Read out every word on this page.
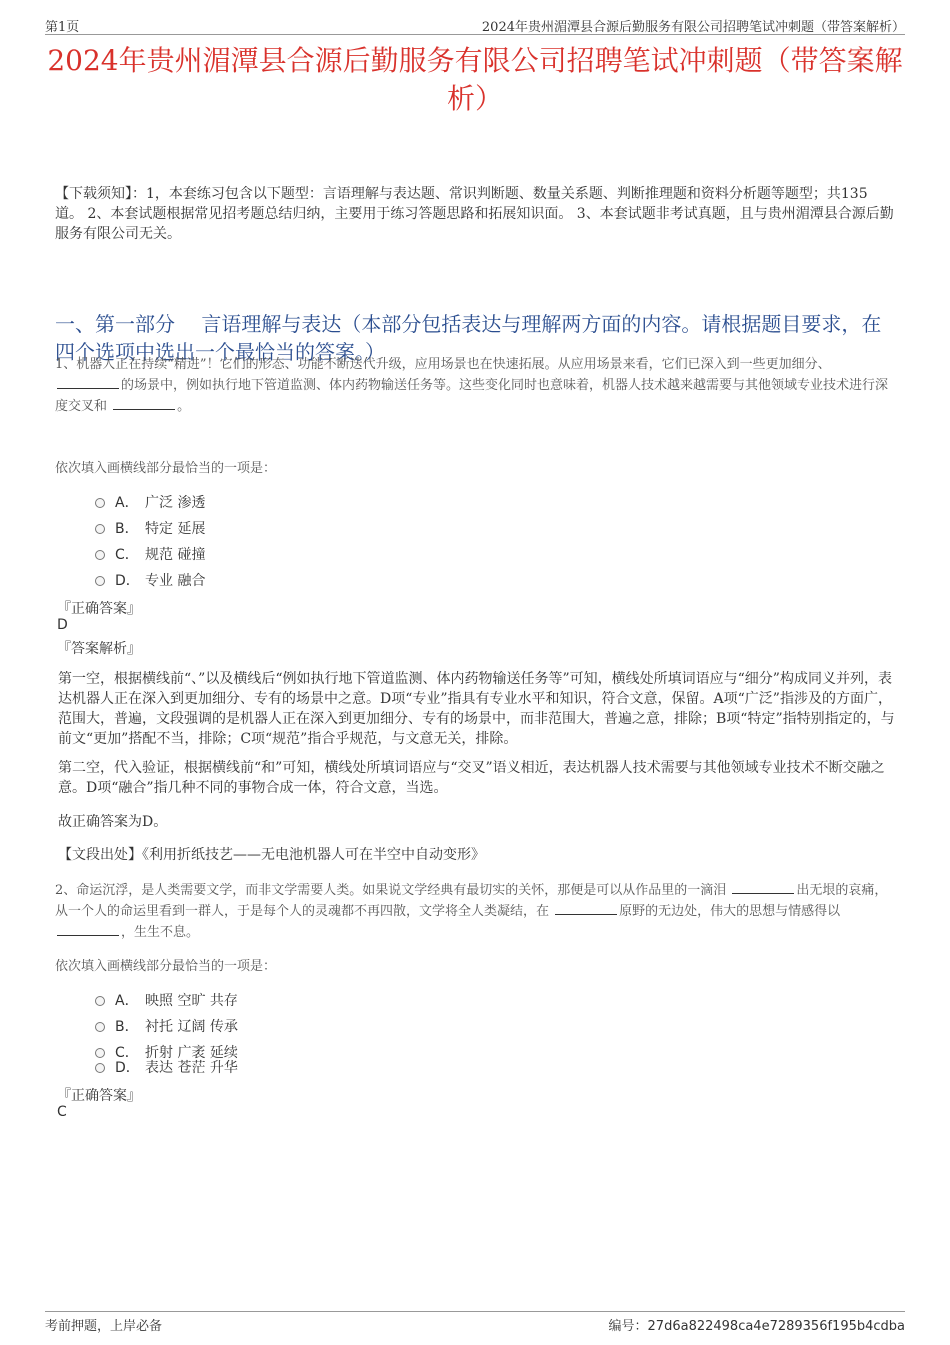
第1页	2024年贵州湄潭县合源后勤服务有限公司招聘笔试冲刺题（带答案解析）
2024年贵州湄潭县合源后勤服务有限公司招聘笔试冲刺题（带答案解析）
【下载须知】：1，本套练习包含以下题型：言语理解与表达题、常识判断题、数量关系题、判断推理题和资料分析题等题型；共135道。 2、本套试题根据常见招考题总结归纳，主要用于练习答题思路和拓展知识面。 3、本套试题非考试真题，且与贵州湄潭县合源后勤服务有限公司无关。
一、第一部分　 言语理解与表达（本部分包括表达与理解两方面的内容。请根据题目要求，在四个选项中选出一个最恰当的答案。）
1、机器人正在持续“精进”！它们的形态、功能不断迭代升级，应用场景也在快速拓展。从应用场景来看，它们已深入到一些更加细分、的场景中，例如执行地下管道监测、体内药物输送任务等。这些变化同时也意味着，机器人技术越来越需要与其他领域专业技术进行深度交叉和	。
依次填入画横线部分最恰当的一项是：
A． 广泛 渗透
B． 特定 延展
C． 规范 碰撞
D． 专业 融合
『正确答案』
D
『答案解析』
第一空，根据横线前“、”以及横线后“例如执行地下管道监测、体内药物输送任务等”可知，横线处所填词语应与“细分”构成同义并列，表达机器人正在深入到更加细分、专有的场景中之意。D项“专业”指具有专业水平和知识，符合文意，保留。A项“广泛”指涉及的方面广，范围大，普遍，文段强调的是机器人正在深入到更加细分、专有的场景中，而非范围大，普遍之意，排除；B项“特定”指特别指定的，与前文“更加”搭配不当，排除；C项“规范”指合乎规范，与文意无关，排除。
第二空，代入验证，根据横线前“和”可知，横线处所填词语应与“交叉”语义相近，表达机器人技术需要与其他领域专业技术不断交融之意。D项“融合”指几种不同的事物合成一体，符合文意，当选。
故正确答案为D。
【文段出处】《利用折纸技艺——无电池机器人可在半空中自动变形》
2、命运沉浮，是人类需要文学，而非文学需要人类。如果说文学经典有最切实的关怀，那便是可以从作品里的一滴泪	出无垠的哀痛，从一个人的命运里看到一群人，于是每个人的灵魂都不再四散，文学将全人类凝结，在	原野的无边处，伟大的思想与情感得以 ，生生不息。
依次填入画横线部分最恰当的一项是：
A． 映照 空旷 共存
B． 衬托 辽阔 传承
C． 折射 广袤 延续
D． 表达 苍茫 升华
『正确答案』
C
考前押题，上岸必备	编号：27d6a822498ca4e7289356f195b4cdba
